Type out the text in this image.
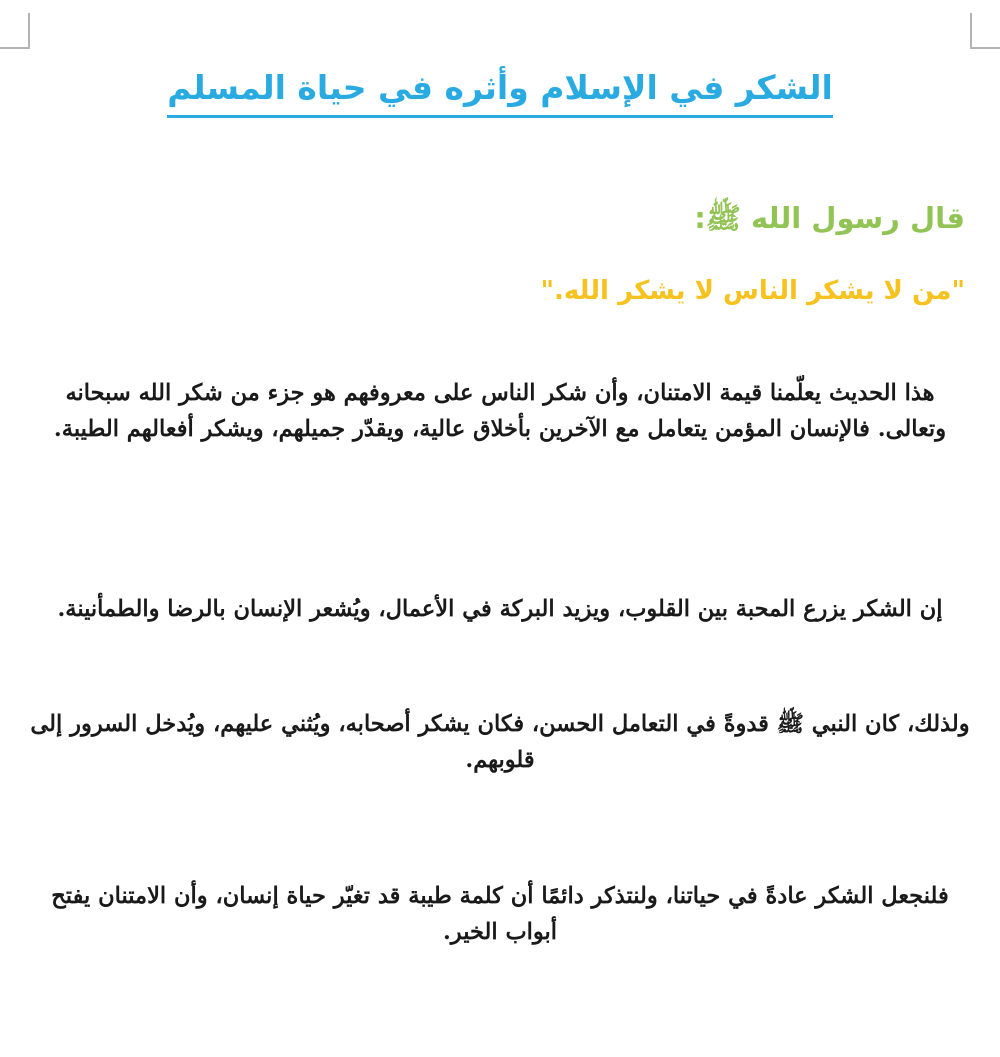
الشكر في الإسلام وأثره في حياة المسلم
قال رسول الله ﷺ:
"من لا يشكر الناس لا يشكر الله."

هذا الحديث يعلّمنا قيمة الامتنان، وأن شكر الناس على معروفهم هو جزء من شكر الله سبحانه وتعالى. فالإنسان المؤمن يتعامل مع الآخرين بأخلاق عالية، ويقدّر جميلهم، ويشكر أفعالهم الطيبة.

إن الشكر يزرع المحبة بين القلوب، ويزيد البركة في الأعمال، ويُشعر الإنسان بالرضا والطمأنينة.

ولذلك، كان النبي ﷺ قدوةً في التعامل الحسن، فكان يشكر أصحابه، ويُثني عليهم، ويُدخل السرور إلى قلوبهم.

فلنجعل الشكر عادةً في حياتنا، ولنتذكر دائمًا أن كلمة طيبة قد تغيّر حياة إنسان، وأن الامتنان يفتح أبواب الخير.
